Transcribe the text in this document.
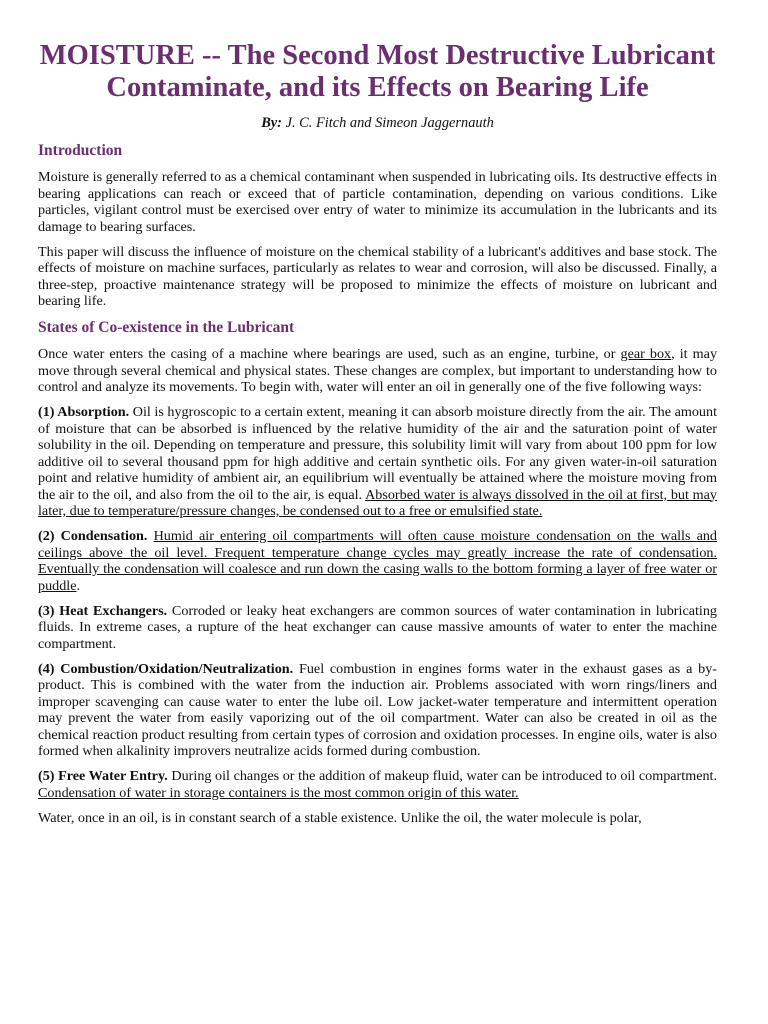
MOISTURE -- The Second Most Destructive Lubricant Contaminate, and its Effects on Bearing Life
By: J. C. Fitch and Simeon Jaggernauth
Introduction

Moisture is generally referred to as a chemical contaminant when suspended in lubricating oils. Its destructive effects in bearing applications can reach or exceed that of particle contamination, depending on various conditions. Like particles, vigilant control must be exercised over entry of water to minimize its accumulation in the lubricants and its damage to bearing surfaces.

This paper will discuss the influence of moisture on the chemical stability of a lubricant's additives and base stock. The effects of moisture on machine surfaces, particularly as relates to wear and corrosion, will also be discussed. Finally, a three-step, proactive maintenance strategy will be proposed to minimize the effects of moisture on lubricant and bearing life.

States of Co-existence in the Lubricant

Once water enters the casing of a machine where bearings are used, such as an engine, turbine, or gear box, it may move through several chemical and physical states. These changes are complex, but important to understanding how to control and analyze its movements. To begin with, water will enter an oil in generally one of the five following ways:

(1) Absorption. Oil is hygroscopic to a certain extent, meaning it can absorb moisture directly from the air. The amount of moisture that can be absorbed is influenced by the relative humidity of the air and the saturation point of water solubility in the oil. Depending on temperature and pressure, this solubility limit will vary from about 100 ppm for low additive oil to several thousand ppm for high additive and certain synthetic oils. For any given water-in-oil saturation point and relative humidity of ambient air, an equilibrium will eventually be attained where the moisture moving from the air to the oil, and also from the oil to the air, is equal. Absorbed water is always dissolved in the oil at first, but may later, due to temperature/pressure changes, be condensed out to a free or emulsified state.

(2) Condensation. Humid air entering oil compartments will often cause moisture condensation on the walls and ceilings above the oil level. Frequent temperature change cycles may greatly increase the rate of condensation. Eventually the condensation will coalesce and run down the casing walls to the bottom forming a layer of free water or puddle.

(3) Heat Exchangers. Corroded or leaky heat exchangers are common sources of water contamination in lubricating fluids. In extreme cases, a rupture of the heat exchanger can cause massive amounts of water to enter the machine compartment.

(4) Combustion/Oxidation/Neutralization. Fuel combustion in engines forms water in the exhaust gases as a by-product. This is combined with the water from the induction air. Problems associated with worn rings/liners and improper scavenging can cause water to enter the lube oil. Low jacket-water temperature and intermittent operation may prevent the water from easily vaporizing out of the oil compartment. Water can also be created in oil as the chemical reaction product resulting from certain types of corrosion and oxidation processes. In engine oils, water is also formed when alkalinity improvers neutralize acids formed during combustion.

(5) Free Water Entry. During oil changes or the addition of makeup fluid, water can be introduced to oil compartment. Condensation of water in storage containers is the most common origin of this water.

Water, once in an oil, is in constant search of a stable existence. Unlike the oil, the water molecule is polar,
